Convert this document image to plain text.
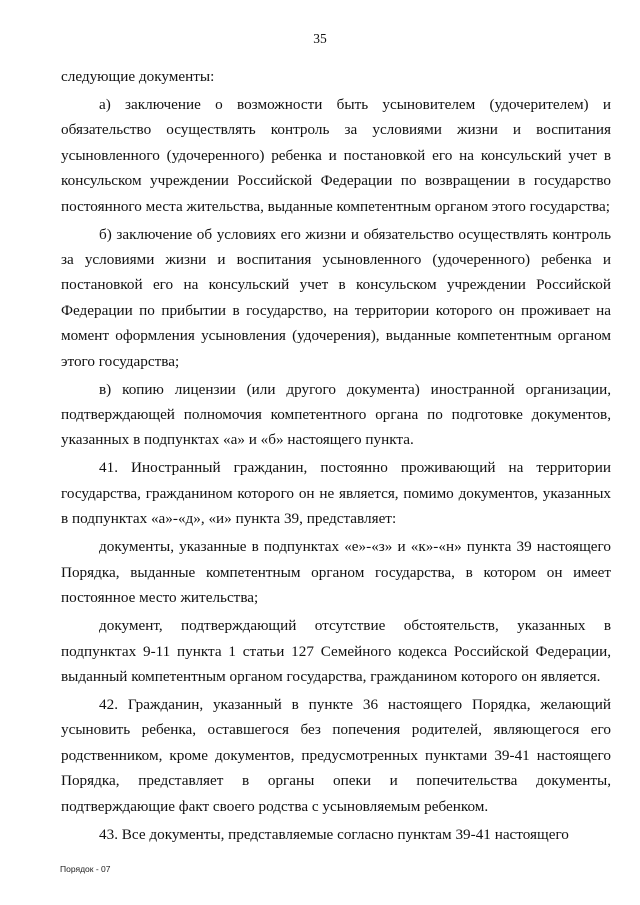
35

следующие документы:

а) заключение о возможности быть усыновителем (удочерителем) и обязательство осуществлять контроль за условиями жизни и воспитания усыновленного (удочеренного) ребенка и постановкой его на консульский учет в консульском учреждении Российской Федерации по возвращении в государство постоянного места жительства, выданные компетентным органом этого государства;

б) заключение об условиях его жизни и обязательство осуществлять контроль за условиями жизни и воспитания усыновленного (удочеренного) ребенка и постановкой его на консульский учет в консульском учреждении Российской Федерации по прибытии в государство, на территории которого он проживает на момент оформления усыновления (удочерения), выданные компетентным органом этого государства;

в) копию лицензии (или другого документа) иностранной организации, подтверждающей полномочия компетентного органа по подготовке документов, указанных в подпунктах «а» и «б» настоящего пункта.

41. Иностранный гражданин, постоянно проживающий на территории государства, гражданином которого он не является, помимо документов, указанных в подпунктах «а»-«д», «и» пункта 39, представляет:

документы, указанные в подпунктах «е»-«з» и «к»-«н» пункта 39 настоящего Порядка, выданные компетентным органом государства, в котором он имеет постоянное место жительства;

документ, подтверждающий отсутствие обстоятельств, указанных в подпунктах 9-11 пункта 1 статьи 127 Семейного кодекса Российской Федерации, выданный компетентным органом государства, гражданином которого он является.

42. Гражданин, указанный в пункте 36 настоящего Порядка, желающий усыновить ребенка, оставшегося без попечения родителей, являющегося его родственником, кроме документов, предусмотренных пунктами 39-41 настоящего Порядка, представляет в органы опеки и попечительства документы, подтверждающие факт своего родства с усыновляемым ребенком.

43. Все документы, представляемые согласно пунктам 39-41 настоящего

Порядок - 07
